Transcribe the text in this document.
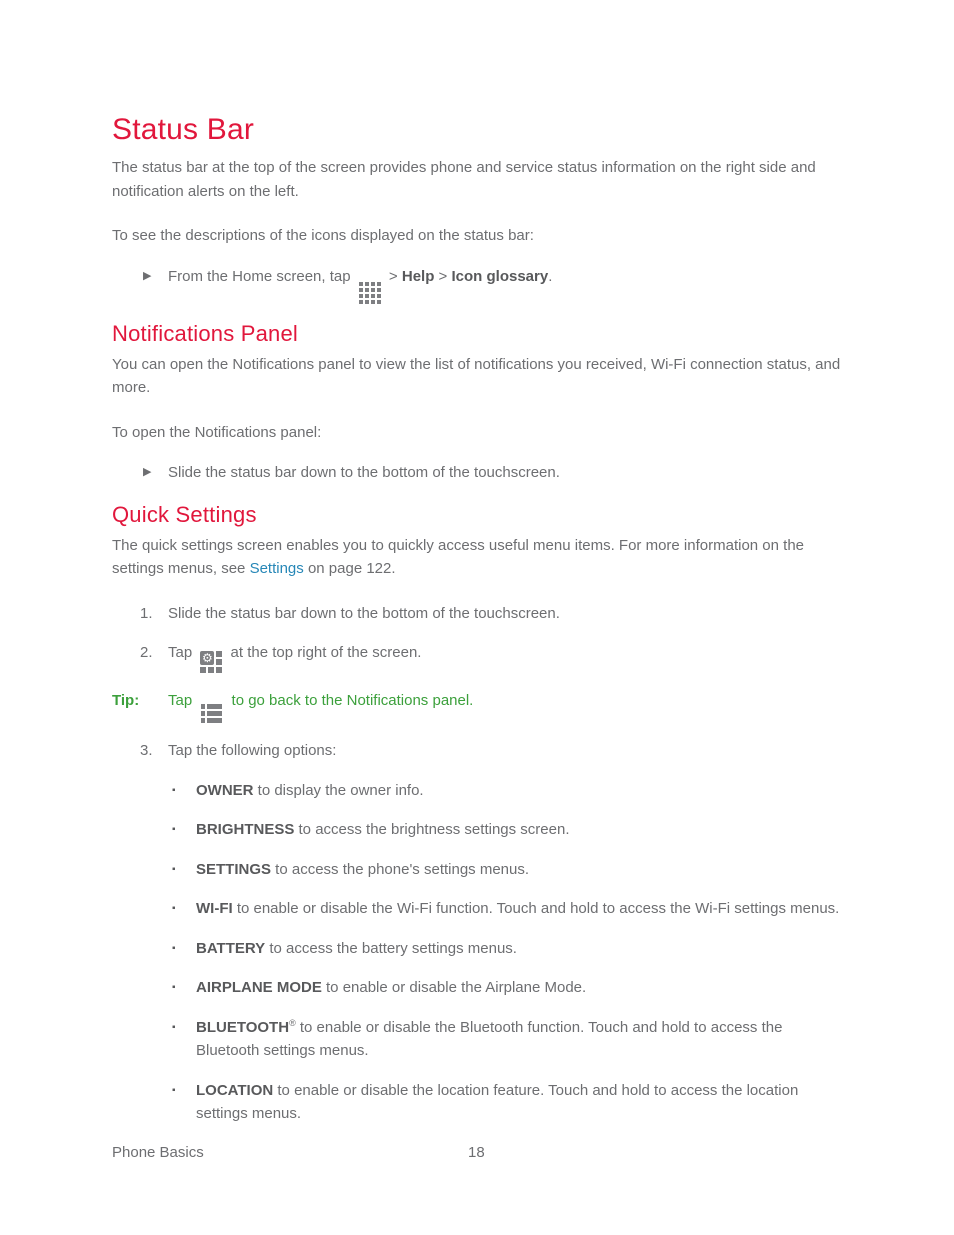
Status Bar

The status bar at the top of the screen provides phone and service status information on the right side and notification alerts on the left.

To see the descriptions of the icons displayed on the status bar:

▶	From the Home screen, tap
> Help > Icon glossary.
Notifications Panel

You can open the Notifications panel to view the list of notifications you received, Wi-Fi connection status, and more.

To open the Notifications panel:

▶	Slide the status bar down to the bottom of the touchscreen.
Quick Settings

The quick settings screen enables you to quickly access useful menu items. For more information on the settings menus, see Settings on page 122.

1.	Slide the status bar down to the bottom of the touchscreen.
2.	Tap ⚙ at the top right of the screen.
Tip:	Tap
to go back to the Notifications panel.
3.	Tap the following options:
▪	OWNER to display the owner info.
▪	BRIGHTNESS to access the brightness settings screen.
▪	SETTINGS to access the phone's settings menus.
▪	WI-FI to enable or disable the Wi-Fi function. Touch and hold to access the Wi-Fi settings menus.
▪	BATTERY to access the battery settings menus.
▪	AIRPLANE MODE to enable or disable the Airplane Mode.
▪	BLUETOOTH® to enable or disable the Bluetooth function. Touch and hold to access the Bluetooth settings menus.
▪	LOCATION to enable or disable the location feature. Touch and hold to access the location settings menus.
Phone Basics	18
